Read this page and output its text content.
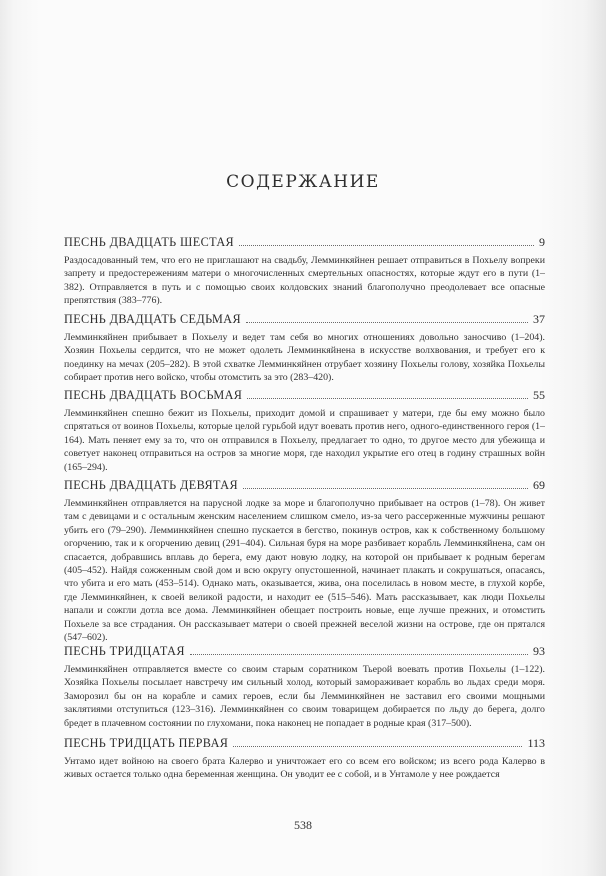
СОДЕРЖАНИЕ
ПЕСНЬ ДВАДЦАТЬ ШЕСТАЯ	9

Раздосадованный тем, что его не приглашают на свадьбу, Лемминкяйнен решает отправиться в Похьелу вопреки запрету и предостережениям матери о многочисленных смертельных опасностях, которые ждут его в пути (1–382). Отправляется в путь и с помощью своих колдовских знаний благополучно преодолевает все опасные препятствия (383–776).

ПЕСНЬ ДВАДЦАТЬ СЕДЬМАЯ	37

Лемминкяйнен прибывает в Похьелу и ведет там себя во многих отношениях довольно заносчиво (1–204). Хозяин Похьелы сердится, что не может одолеть Лемминкяйнена в искусстве волхвования, и требует его к поединку на мечах (205–282). В этой схватке Лемминкяйнен отрубает хозяину Похьелы голову, хозяйка Похьелы собирает против него войско, чтобы отомстить за это (283–420).

ПЕСНЬ ДВАДЦАТЬ ВОСЬМАЯ	55

Лемминкяйнен спешно бежит из Похьелы, приходит домой и спрашивает у матери, где бы ему можно было спрятаться от воинов Похьелы, которые целой гурьбой идут воевать против него, одного-единственного героя (1–164). Мать пеняет ему за то, что он отправился в Похьелу, предлагает то одно, то другое место для убежища и советует наконец отправиться на остров за многие моря, где находил укрытие его отец в годину страшных войн (165–294).

ПЕСНЬ ДВАДЦАТЬ ДЕВЯТАЯ	69

Лемминкяйнен отправляется на парусной лодке за море и благополучно прибывает на остров (1–78). Он живет там с девицами и с остальным женским населением слишком смело, из-за чего рассерженные мужчины решают убить его (79–290). Лемминкяйнен спешно пускается в бегство, покинув остров, как к собственному большому огорчению, так и к огорчению девиц (291–404). Сильная буря на море разбивает корабль Лемминкяйнена, сам он спасается, добравшись вплавь до берега, ему дают новую лодку, на которой он прибывает к родным берегам (405–452). Найдя сожженным свой дом и всю округу опустошенной, начинает плакать и сокрушаться, опасаясь, что убита и его мать (453–514). Однако мать, оказывается, жива, она поселилась в новом месте, в глухой корбе, где Лемминкяйнен, к своей великой радости, и находит ее (515–546). Мать рассказывает, как люди Похьелы напали и сожгли дотла все дома. Лемминкяйнен обещает построить новые, еще лучше прежних, и отомстить Похьеле за все страдания. Он рассказывает матери о своей прежней веселой жизни на острове, где он прятался (547–602).

ПЕСНЬ ТРИДЦАТАЯ	93

Лемминкяйнен отправляется вместе со своим старым соратником Тьерой воевать против Похьелы (1–122). Хозяйка Похьелы посылает навстречу им сильный холод, который замораживает корабль во льдах среди моря. Заморозил бы он на корабле и самих героев, если бы Лемминкяйнен не заставил его своими мощными заклятиями отступиться (123–316). Лемминкяйнен со своим товарищем добирается по льду до берега, долго бредет в плачевном состоянии по глухомани, пока наконец не попадает в родные края (317–500).

ПЕСНЬ ТРИДЦАТЬ ПЕРВАЯ	113

Унтамо идет войною на своего брата Калерво и уничтожает его со всем его войском; из всего рода Калерво в живых остается только одна беременная женщина. Он уводит ее с собой, и в Унтамоле у нее рождается

538
